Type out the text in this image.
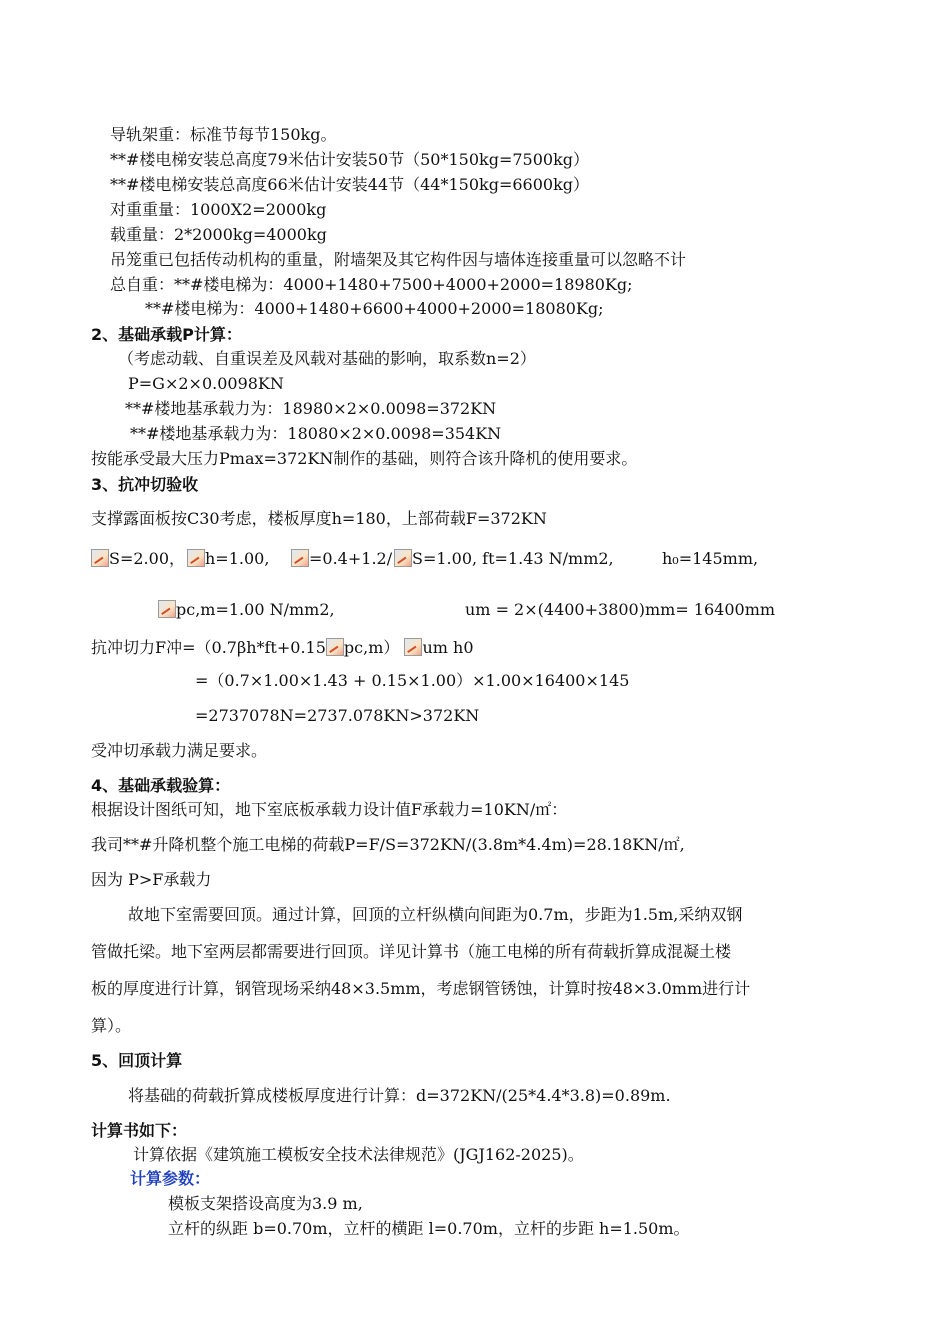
导轨架重：标准节每节150kg。
**#楼电梯安装总高度79米估计安装50节（50*150kg=7500kg）
**#楼电梯安装总高度66米估计安装44节（44*150kg=6600kg）
对重重量：1000X2=2000kg
载重量：2*2000kg=4000kg
吊笼重已包括传动机构的重量，附墙架及其它构件因与墙体连接重量可以忽略不计
总自重：**#楼电梯为：4000+1480+7500+4000+2000=18980Kg;
**#楼电梯为：4000+1480+6600+4000+2000=18080Kg;
2、基础承载P计算：
（考虑动载、自重误差及风载对基础的影响，取系数n=2）
P=G×2×0.0098KN
**#楼地基承载力为：18980×2×0.0098=372KN
**#楼地基承载力为：18080×2×0.0098=354KN
按能承受最大压力Pmax=372KN制作的基础，则符合该升降机的使用要求。
3、抗冲切验收
支撑露面板按C30考虑，楼板厚度h=180，上部荷载F=372KN
S=2.00，	h=1.00,	=0.4+1.2/	S=1.00, ft=1.43 N/mm2,	h₀=145mm,
pc,m=1.00 N/mm2,	um = 2×(4400+3800)mm= 16400mm
抗冲切力F冲=（0.7βh*ft+0.15 pc,m） um h0
=（0.7×1.00×1.43 + 0.15×1.00）×1.00×16400×145
=2737078N=2737.078KN>372KN
受冲切承载力满足要求。
4、基础承载验算：
根据设计图纸可知，地下室底板承载力设计值F承载力=10KN/㎡：
我司**#升降机整个施工电梯的荷载P=F/S=372KN/(3.8m*4.4m)=28.18KN/㎡,
因为 P>F承载力
故地下室需要回顶。通过计算，回顶的立杆纵横向间距为0.7m，步距为1.5m,采纳双钢
管做托梁。地下室两层都需要进行回顶。详见计算书（施工电梯的所有荷载折算成混凝土楼
板的厚度进行计算，钢管现场采纳48×3.5mm，考虑钢管锈蚀，计算时按48×3.0mm进行计
算）。
5、回顶计算
将基础的荷载折算成楼板厚度进行计算：d=372KN/(25*4.4*3.8)=0.89m.
计算书如下：
计算依据《建筑施工模板安全技术法律规范》(JGJ162-2025)。
计算参数：
模板支架搭设高度为3.9 m,
立杆的纵距 b=0.70m，立杆的横距 l=0.70m，立杆的步距 h=1.50m。
